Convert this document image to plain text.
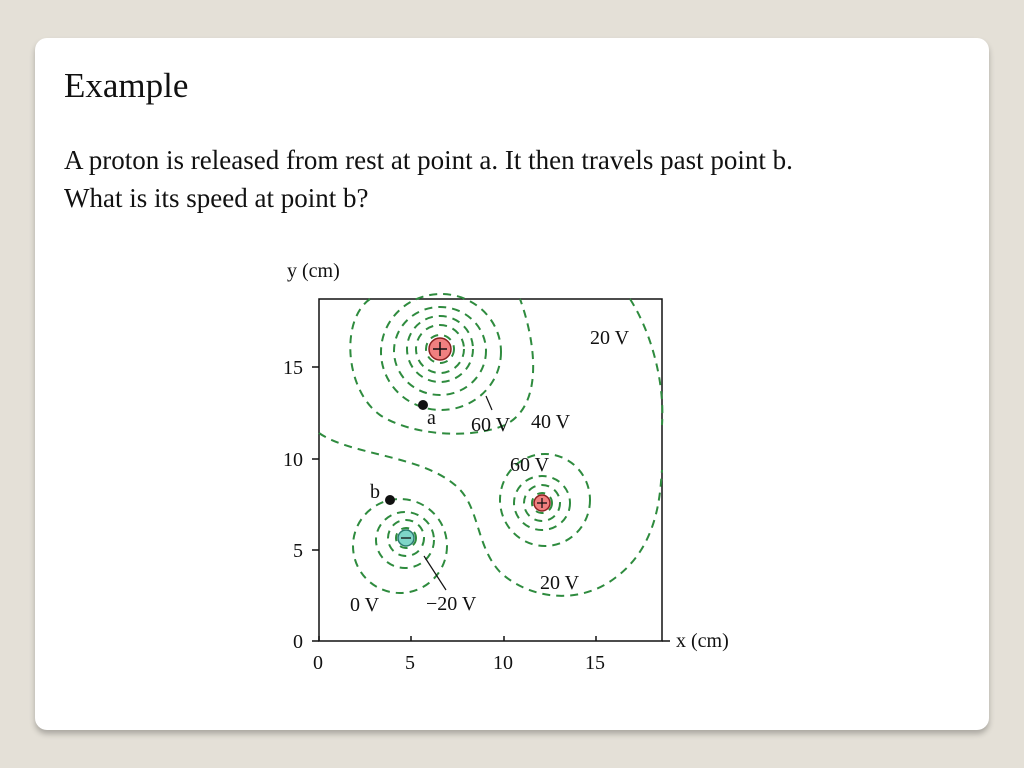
Example
A proton is released from rest at point a. It then travels past point b.
What is its speed at point b?
y (cm)
x (cm)
0	5	10	15
0
5
10
15
a
b
20 V
60 V 40 V
60 V
20 V
0 V −20 V
